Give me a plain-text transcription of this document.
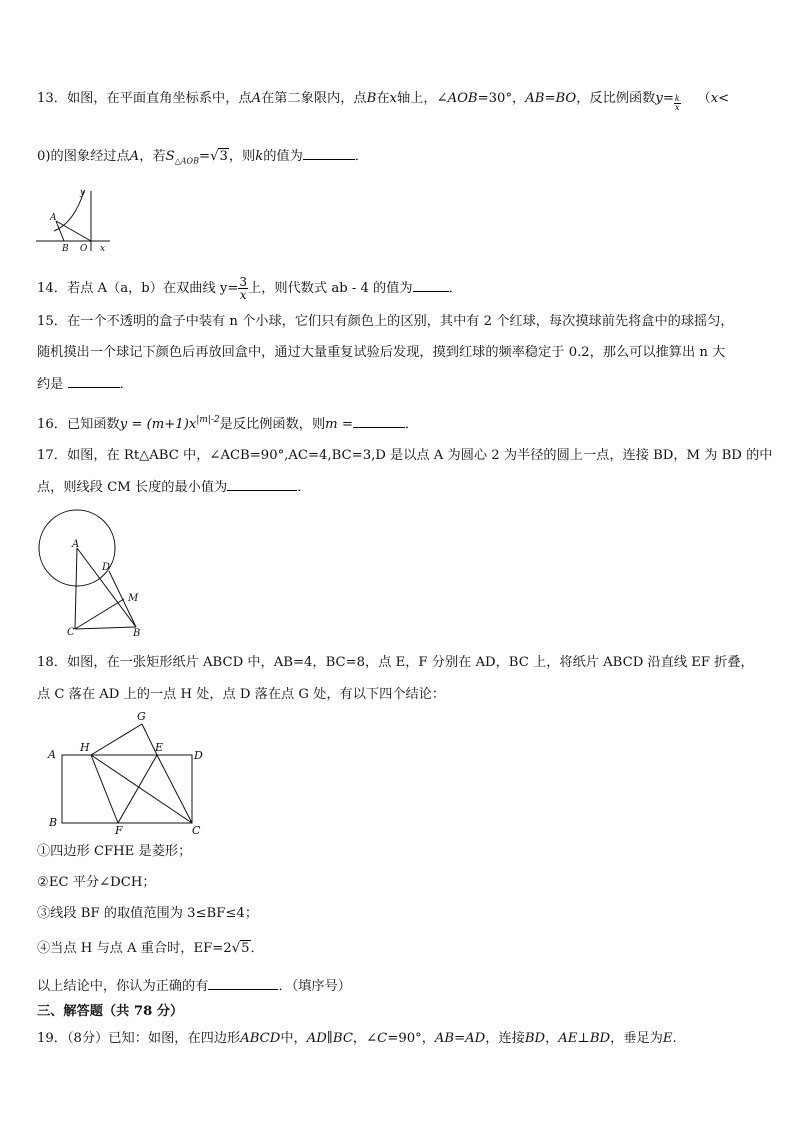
13．如图，在平面直角坐标系中，点A在第二象限内，点B在x轴上，∠AOB=30°，AB=BO，反比例函数$y= \frac{k}{x} (x<$
0)的图象经过点A，若$S_{\triangle AOB}=√3$，则k的值为	．
y
A
B O x
14．若点 A（a，b）在双曲线 $y= \frac{3}{x}$ 上，则代数式 ab - 4 的值为	．
15．在一个不透明的盒子中装有 n 个小球，它们只有颜色上的区别，其中有 2 个红球，每次摸球前先将盒中的球摇匀，
随机摸出一个球记下颜色后再放回盒中，通过大量重复试验后发现，摸到红球的频率稳定于 0.2，那么可以推算出 n 大
约是	．
16．已知函数$y = (m+1)x^{|m|-2}$是反比例函数，则m =	．
17．如图，在 Rt△ABC 中，∠ACB=90°,AC=4,BC=3,D 是以点 A 为圆心 2 为半径的圆上一点，连接 BD，M 为 BD 的中
点，则线段 CM 长度的最小值为	．
A
D
M
C	B
18．如图，在一张矩形纸片 ABCD 中，AB=4，BC=8，点 E，F 分别在 AD，BC 上，将纸片 ABCD 沿直线 EF 折叠，
点 C 落在 AD 上的一点 H 处，点 D 落在点 G 处，有以下四个结论：
G
H	E
A	D
B
F	C
①四边形 CFHE 是菱形；
②EC 平分∠DCH；
③线段 BF 的取值范围为 3≤BF≤4；
④当点 H 与点 A 重合时，EF=2√5．
以上结论中，你认为正确的有	．（填序号）
三、解答题（共 78 分）
19．（8分）已知：如图，在四边形ABCD中，AD∥BC，∠C=90°，AB=AD，连接BD，AE⊥BD，垂足为E.
